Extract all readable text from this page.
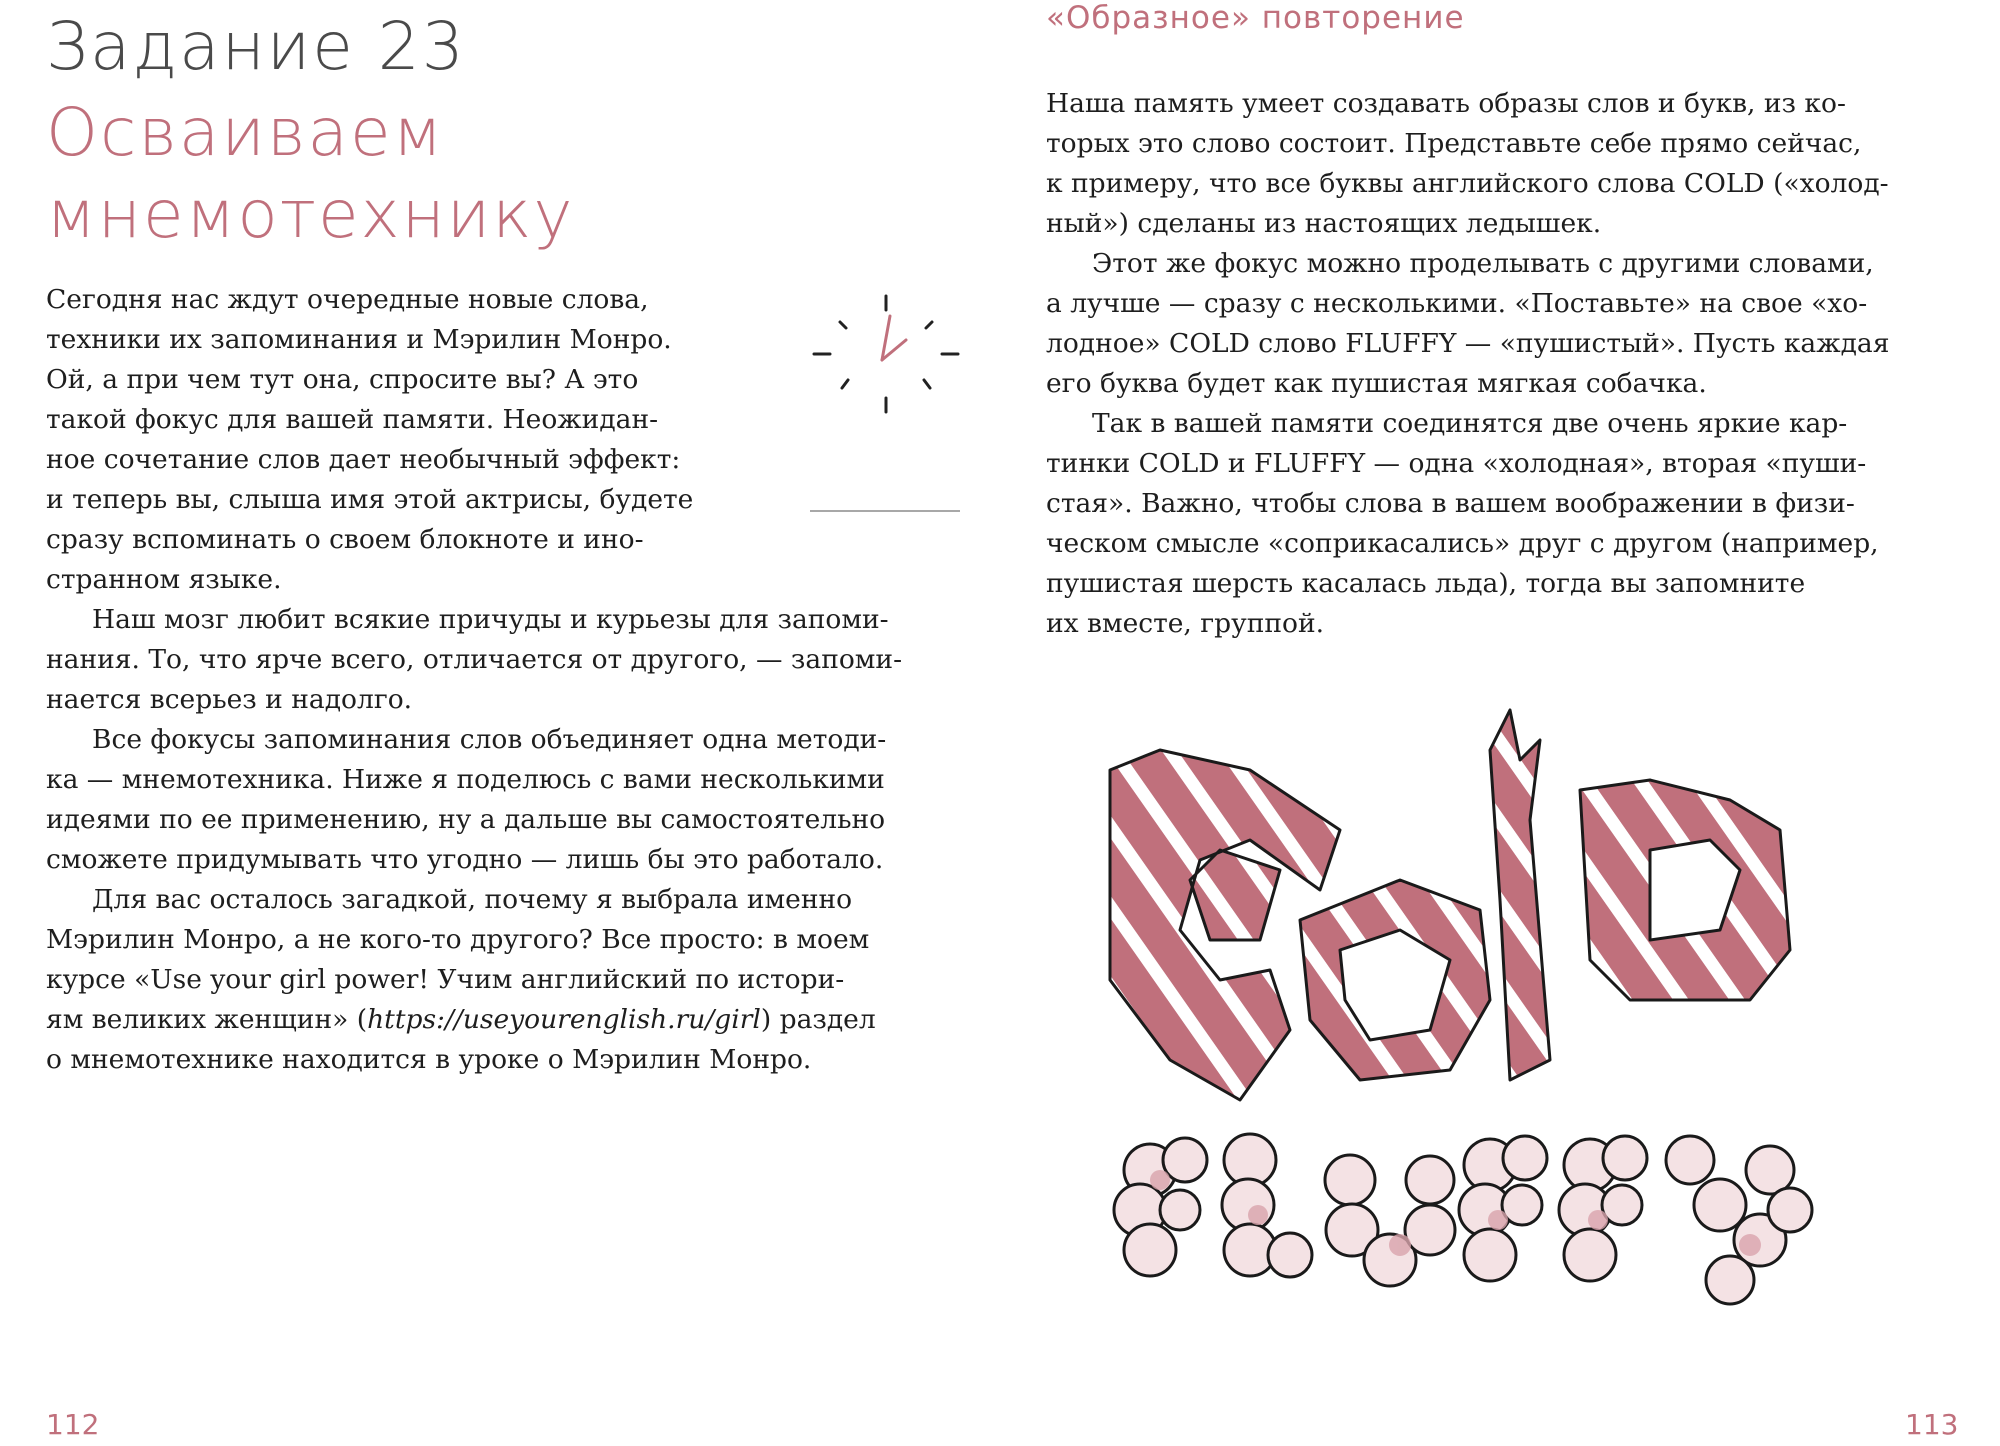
Задание 23
Осваиваем
мнемотехнику

Сегодня нас ждут очередные новые слова,

техники их запоминания и Мэрилин Монро.

Ой, а при чем тут она, спросите вы? А это

такой фокус для вашей памяти. Неожидан-

ное сочетание слов дает необычный эффект:

и теперь вы, слыша имя этой актрисы, будете

сразу вспоминать о своем блокноте и ино-

странном языке.

Наш мозг любит всякие причуды и курьезы для запоми-

нания. То, что ярче всего, отличается от другого, — запоми-

нается всерьез и надолго.

Все фокусы запоминания слов объединяет одна методи-

ка — мнемотехника. Ниже я поделюсь с вами несколькими

идеями по ее применению, ну а дальше вы самостоятельно

сможете придумывать что угодно — лишь бы это работало.

Для вас осталось загадкой, почему я выбрала именно

Мэрилин Монро, а не кого-то другого? Все просто: в моем

курсе «Use your girl power! Учим английский по истори-

ям великих женщин» (https://useyourenglish.ru/girl) раздел

о мнемотехнике находится в уроке о Мэрилин Монро.

112
«Образное» повторение

Наша память умеет создавать образы слов и букв, из ко-

торых это слово состоит. Представьте себе прямо сейчас,

к примеру, что все буквы английского слова COLD («холод-

ный») сделаны из настоящих ледышек.

Этот же фокус можно проделывать с другими словами,

а лучше — сразу с несколькими. «Поставьте» на свое «хо-

лодное» COLD слово FLUFFY — «пушистый». Пусть каждая

его буква будет как пушистая мягкая собачка.

Так в вашей памяти соединятся две очень яркие кар-

тинки COLD и FLUFFY — одна «холодная», вторая «пуши-

стая». Важно, чтобы слова в вашем воображении в физи-

ческом смысле «соприкасались» друг с другом (например,

пушистая шерсть касалась льда), тогда вы запомните

их вместе, группой.

113
